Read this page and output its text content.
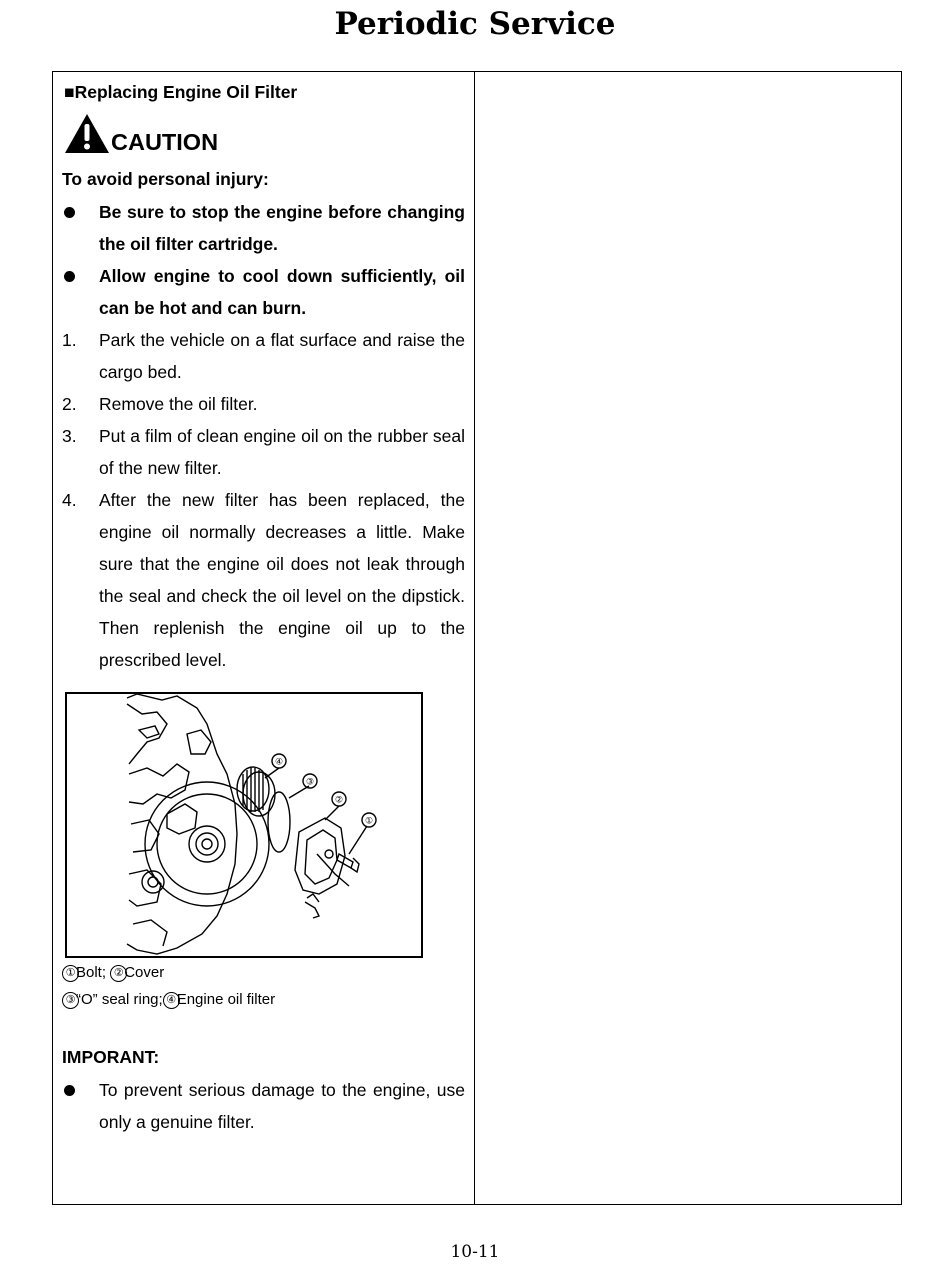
Periodic Service
■Replacing Engine Oil Filter
CAUTION
To avoid personal injury:
Be sure to stop the engine before changing the oil filter cartridge.
Allow engine to cool down sufficiently, oil can be hot and can burn.
1. Park the vehicle on a flat surface and raise the cargo bed.
2. Remove the oil filter.
3. Put a film of clean engine oil on the rubber seal of the new filter.
4. After the new filter has been replaced, the engine oil normally decreases a little. Make sure that the engine oil does not leak through the seal and check the oil level on the dipstick. Then replenish the engine oil up to the prescribed level.
④
③
②
①
①Bolt; ②Cover
③“O” seal ring; ④Engine oil filter
IMPORANT:
To prevent serious damage to the engine, use only a genuine filter.
10-11
